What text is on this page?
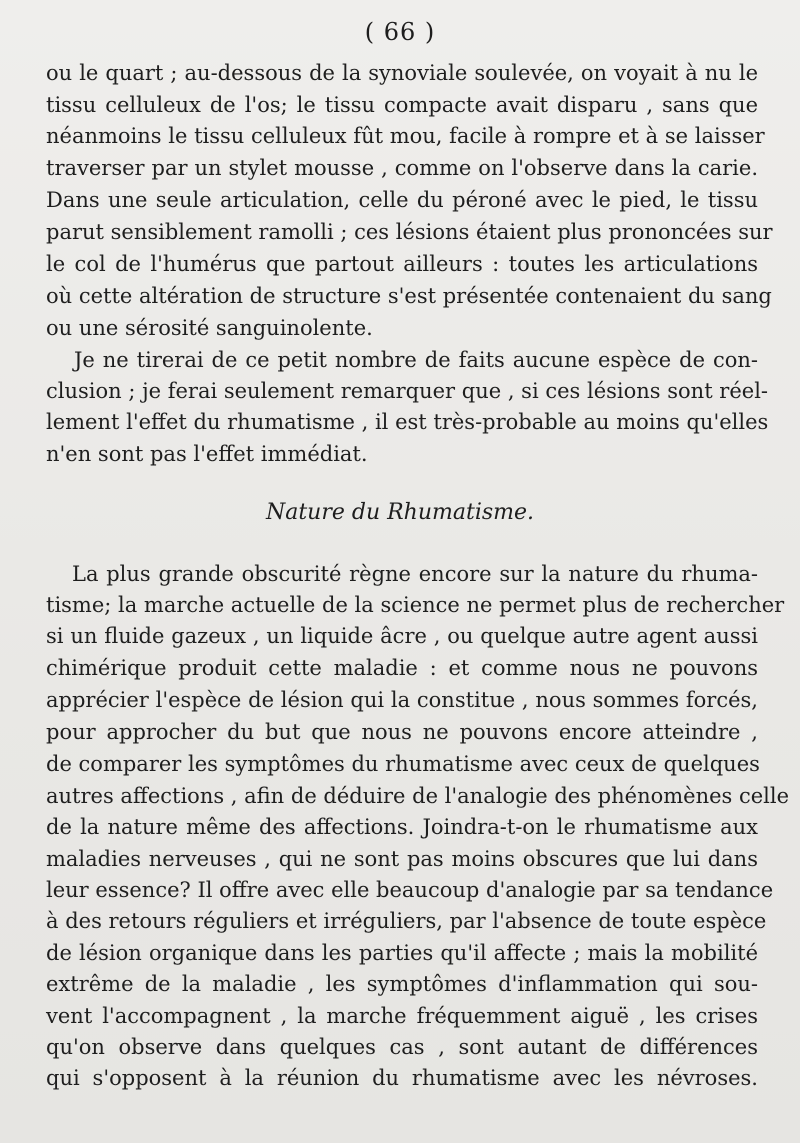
( 66 )
ou le quart ; au-dessous de la synoviale soulevée, on voyait à nu le
tissu celluleux de l'os; le tissu compacte avait disparu , sans que
néanmoins le tissu celluleux fût mou, facile à rompre et à se laisser
traverser par un stylet mousse , comme on l'observe dans la carie.
Dans une seule articulation, celle du péroné avec le pied, le tissu
parut sensiblement ramolli ; ces lésions étaient plus prononcées sur
le col de l'humérus que partout ailleurs : toutes les articulations
où cette altération de structure s'est présentée contenaient du sang
ou une sérosité sanguinolente.
Je ne tirerai de ce petit nombre de faits aucune espèce de con-
clusion ; je ferai seulement remarquer que , si ces lésions sont réel-
lement l'effet du rhumatisme , il est très-probable au moins qu'elles
n'en sont pas l'effet immédiat.
Nature du Rhumatisme.
La plus grande obscurité règne encore sur la nature du rhuma-
tisme; la marche actuelle de la science ne permet plus de rechercher
si un fluide gazeux , un liquide âcre , ou quelque autre agent aussi
chimérique produit cette maladie : et comme nous ne pouvons
apprécier l'espèce de lésion qui la constitue , nous sommes forcés,
pour approcher du but que nous ne pouvons encore atteindre ,
de comparer les symptômes du rhumatisme avec ceux de quelques
autres affections , afin de déduire de l'analogie des phénomènes celle
de la nature même des affections. Joindra-t-on le rhumatisme aux
maladies nerveuses , qui ne sont pas moins obscures que lui dans
leur essence? Il offre avec elle beaucoup d'analogie par sa tendance
à des retours réguliers et irréguliers, par l'absence de toute espèce
de lésion organique dans les parties qu'il affecte ; mais la mobilité
extrême de la maladie , les symptômes d'inflammation qui sou-
vent l'accompagnent , la marche fréquemment aiguë , les crises
qu'on observe dans quelques cas , sont autant de différences
qui s'opposent à la réunion du rhumatisme avec les névroses.
